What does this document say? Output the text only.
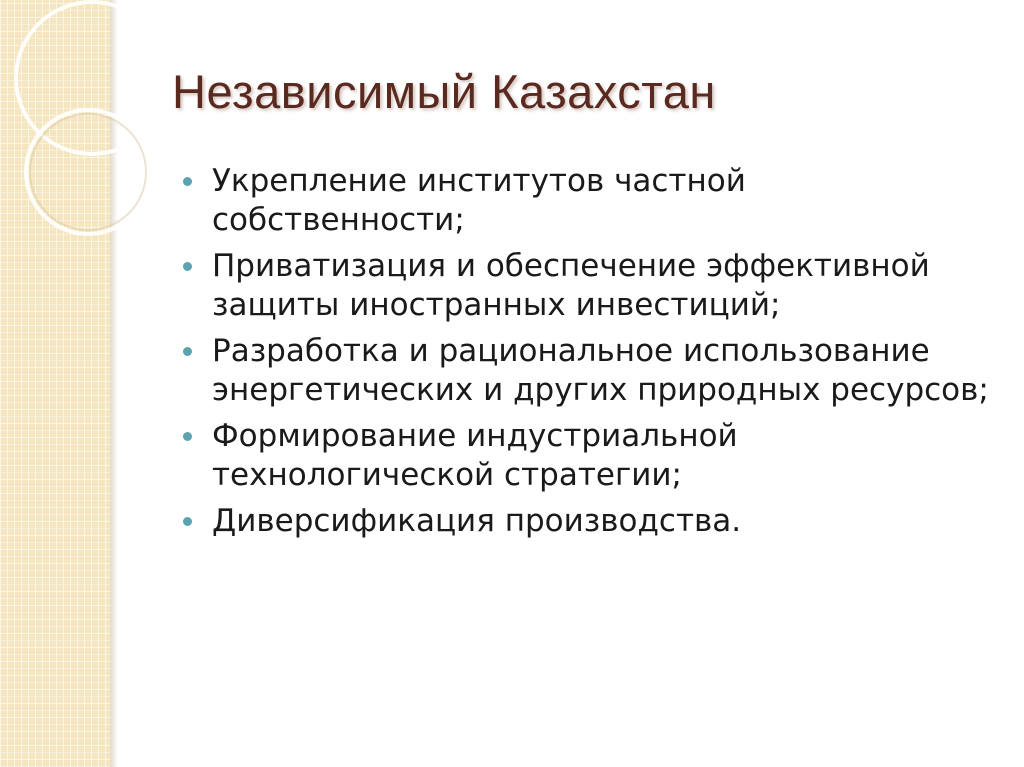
Независимый Казахстан
Укрепление институтов частной собственности;
Приватизация и обеспечение эффективной защиты иностранных инвестиций;
Разработка и рациональное использование энергетических и других природных ресурсов;
Формирование индустриальной технологической стратегии;
Диверсификация производства.
